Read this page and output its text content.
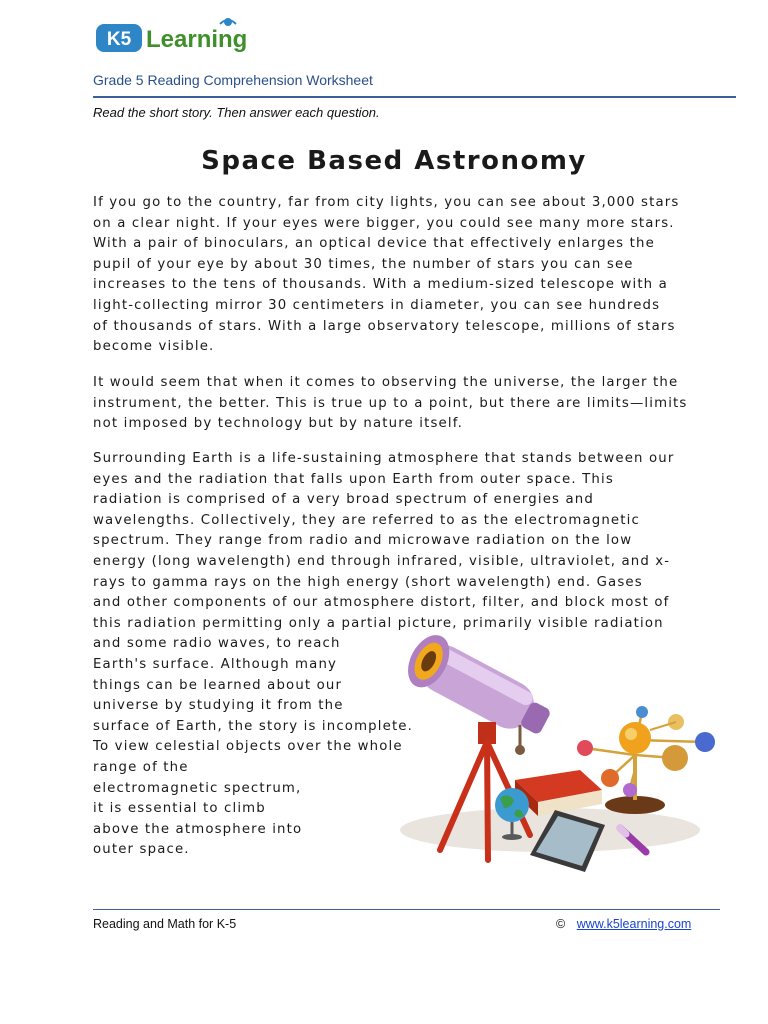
K5 Learning
Grade 5 Reading Comprehension Worksheet
Read the short story. Then answer each question.
Space Based Astronomy
If you go to the country, far from city lights, you can see about 3,000 stars
on a clear night. If your eyes were bigger, you could see many more stars.
With a pair of binoculars, an optical device that effectively enlarges the
pupil of your eye by about 30 times, the number of stars you can see
increases to the tens of thousands. With a medium-sized telescope with a
light-collecting mirror 30 centimeters in diameter, you can see hundreds
of thousands of stars. With a large observatory telescope, millions of stars
become visible.
It would seem that when it comes to observing the universe, the larger the
instrument, the better. This is true up to a point, but there are limits—limits
not imposed by technology but by nature itself.
Surrounding Earth is a life-sustaining atmosphere that stands between our
eyes and the radiation that falls upon Earth from outer space. This
radiation is comprised of a very broad spectrum of energies and
wavelengths. Collectively, they are referred to as the electromagnetic
spectrum. They range from radio and microwave radiation on the low
energy (long wavelength) end through infrared, visible, ultraviolet, and x-
rays to gamma rays on the high energy (short wavelength) end. Gases
and other components of our atmosphere distort, filter, and block most of
this radiation permitting only a partial picture, primarily visible radiation
and some radio waves, to reach
Earth's surface. Although many
things can be learned about our
universe by studying it from the
surface of Earth, the story is incomplete.
To view celestial objects over the whole
range of the
electromagnetic spectrum,
it is essential to climb
above the atmosphere into
outer space.
Reading and Math for K-5	© www.k5learning.com
